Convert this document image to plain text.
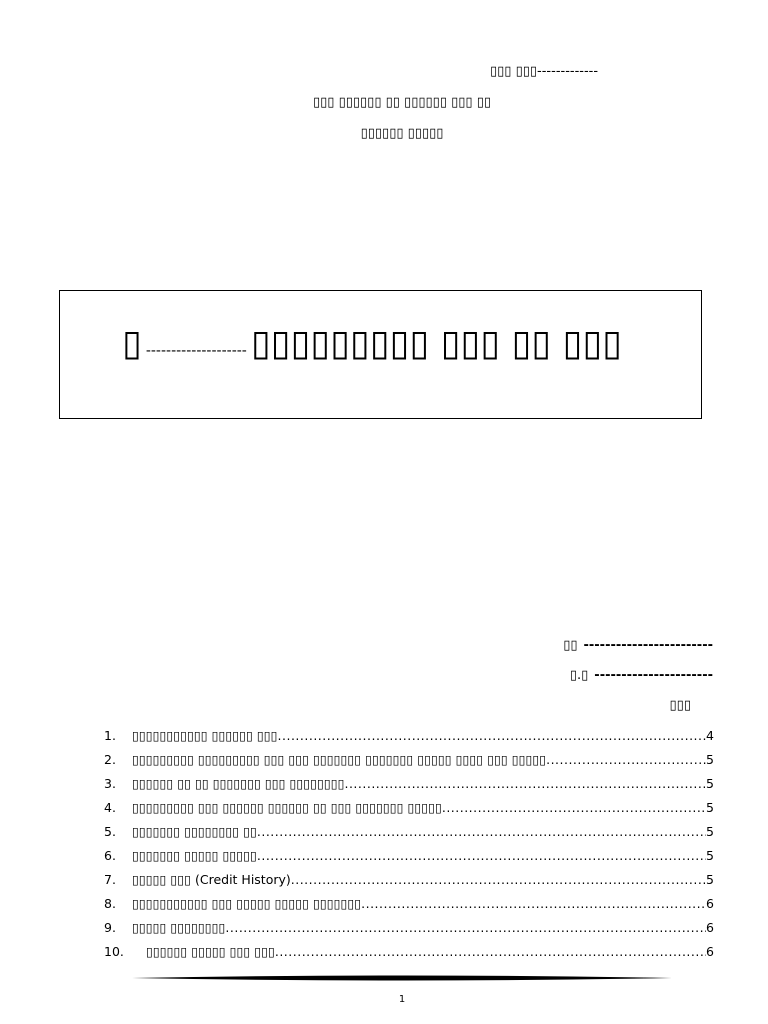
▯▯▯ ▯▯▯-------------
▯▯▯ ▯▯▯▯▯▯ ▯▯ ▯▯▯▯▯▯ ▯▯▯ ▯▯
▯▯▯▯▯▯ ▯▯▯▯▯
▯ -------------------- ▯▯▯▯▯▯▯▯▯ ▯▯▯ ▯▯ ▯▯▯
▯▯ ------------------------
▯.▯ ----------------------
▯▯▯
1.	▯▯▯▯▯▯▯▯▯▯▯ ▯▯▯▯▯▯ ▯▯▯ .....	4
2.	▯▯▯▯▯▯▯▯▯ ▯▯▯▯▯▯▯▯▯ ▯▯▯ ▯▯▯ ▯▯▯▯▯▯▯ ▯▯▯▯▯▯▯ ▯▯▯▯▯ ▯▯▯▯ ▯▯▯ ▯▯▯▯▯ .....	5
3.	▯▯▯▯▯▯ ▯▯ ▯▯ ▯▯▯▯▯▯▯ ▯▯▯ ▯▯▯▯▯▯▯▯ .....	5
4.	▯▯▯▯▯▯▯▯▯ ▯▯▯ ▯▯▯▯▯▯ ▯▯▯▯▯▯ ▯▯ ▯▯▯ ▯▯▯▯▯▯▯ ▯▯▯▯▯ .....	5
5.	▯▯▯▯▯▯▯ ▯▯▯▯▯▯▯▯ ▯▯ .....	5
6.	▯▯▯▯▯▯▯ ▯▯▯▯▯ ▯▯▯▯▯ .....	5
7.	▯▯▯▯▯ ▯▯▯ (Credit History) .....	5
8.	▯▯▯▯▯▯▯▯▯▯▯ ▯▯▯ ▯▯▯▯▯ ▯▯▯▯▯ ▯▯▯▯▯▯▯ .....	6
9.	▯▯▯▯▯ ▯▯▯▯▯▯▯▯ .....	6
10.	▯▯▯▯▯▯ ▯▯▯▯▯ ▯▯▯ ▯▯▯ .....	6
1
